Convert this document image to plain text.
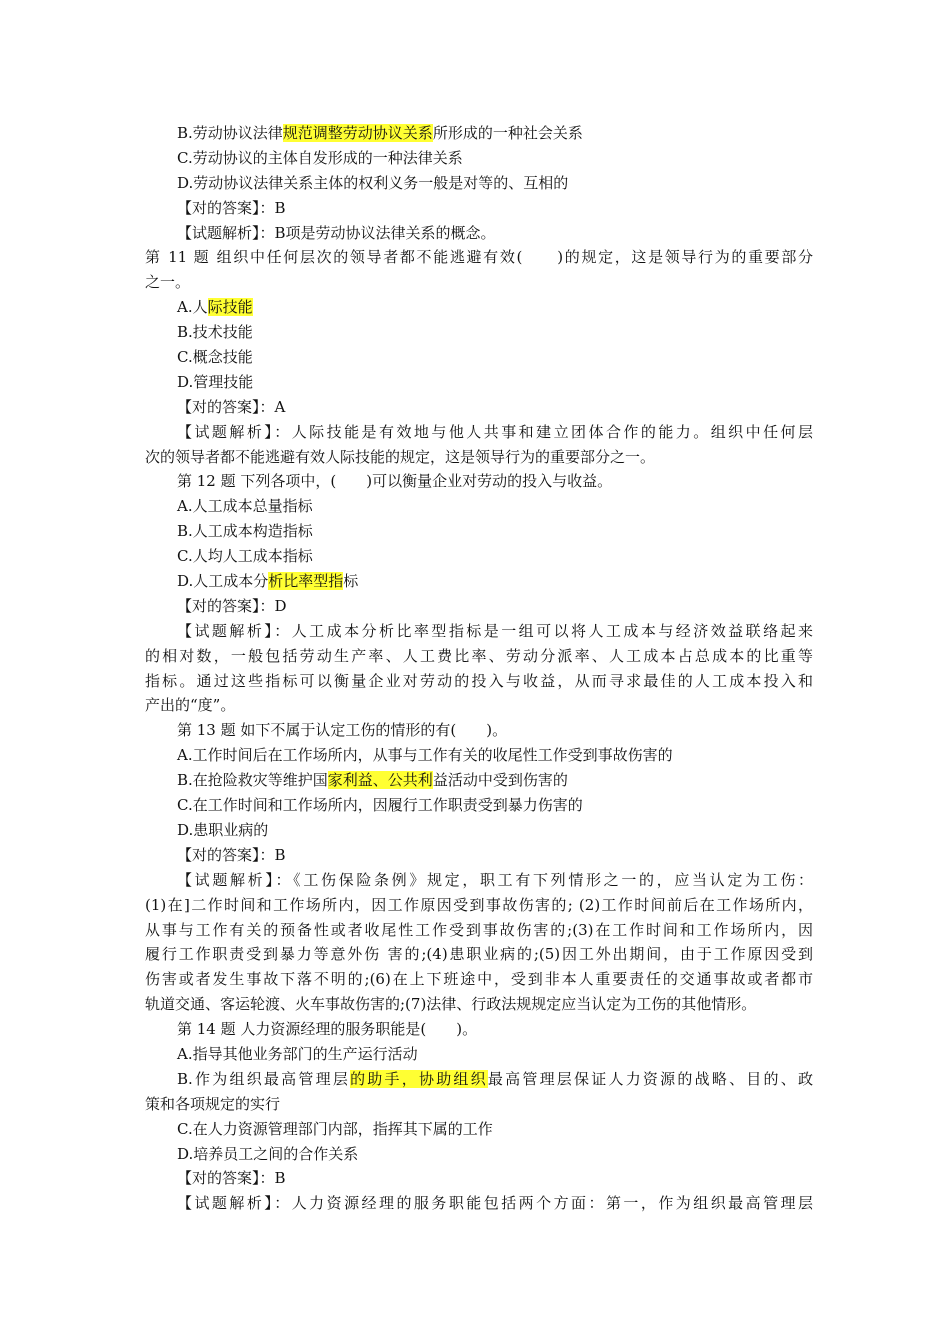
B.劳动协议法律规范调整劳动协议关系所形成的一种社会关系
C.劳动协议的主体自发形成的一种法律关系
D.劳动协议法律关系主体的权利义务一般是对等的、互相的
【对的答案】：B
【试题解析】：B项是劳动协议法律关系的概念。
第 11 题 组织中任何层次的领导者都不能逃避有效(　　)的规定，这是领导行为的重要部分
之一。
A.人际技能
B.技术技能
C.概念技能
D.管理技能
【对的答案】：A
【试题解析】：人际技能是有效地与他人共事和建立团体合作的能力。组织中任何层
次的领导者都不能逃避有效人际技能的规定，这是领导行为的重要部分之一。
第 12 题 下列各项中，(　　)可以衡量企业对劳动的投入与收益。
A.人工成本总量指标
B.人工成本构造指标
C.人均人工成本指标
D.人工成本分析比率型指标
【对的答案】：D
【试题解析】：人工成本分析比率型指标是一组可以将人工成本与经济效益联络起来
的相对数，一般包括劳动生产率、人工费比率、劳动分派率、人工成本占总成本的比重等
指标。通过这些指标可以衡量企业对劳动的投入与收益，从而寻求最佳的人工成本投入和
产出的“度”。
第 13 题 如下不属于认定工伤的情形的有(　　)。
A.工作时间后在工作场所内，从事与工作有关的收尾性工作受到事故伤害的
B.在抢险救灾等维护国家利益、公共利益活动中受到伤害的
C.在工作时间和工作场所内，因履行工作职责受到暴力伤害的
D.患职业病的
【对的答案】：B
【试题解析】：《工伤保险条例》规定，职工有下列情形之一的，应当认定为工伤：
(1)在]二作时间和工作场所内，因工作原因受到事故伤害的; (2)工作时间前后在工作场所内，
从事与工作有关的预备性或者收尾性工作受到事故伤害的;(3)在工作时间和工作场所内，因
履行工作职责受到暴力等意外伤 害的;(4)患职业病的;(5)因工外出期间，由于工作原因受到
伤害或者发生事故下落不明的;(6)在上下班途中，受到非本人重要责任的交通事故或者都市
轨道交通、客运轮渡、火车事故伤害的;(7)法律、行政法规规定应当认定为工伤的其他情形。
第 14 题 人力资源经理的服务职能是(　　)。
A.指导其他业务部门的生产运行活动
B.作为组织最高管理层的助手，协助组织最高管理层保证人力资源的战略、目的、政
策和各项规定的实行
C.在人力资源管理部门内部，指挥其下属的工作
D.培养员工之间的合作关系
【对的答案】：B
【试题解析】：人力资源经理的服务职能包括两个方面：第一，作为组织最高管理层
